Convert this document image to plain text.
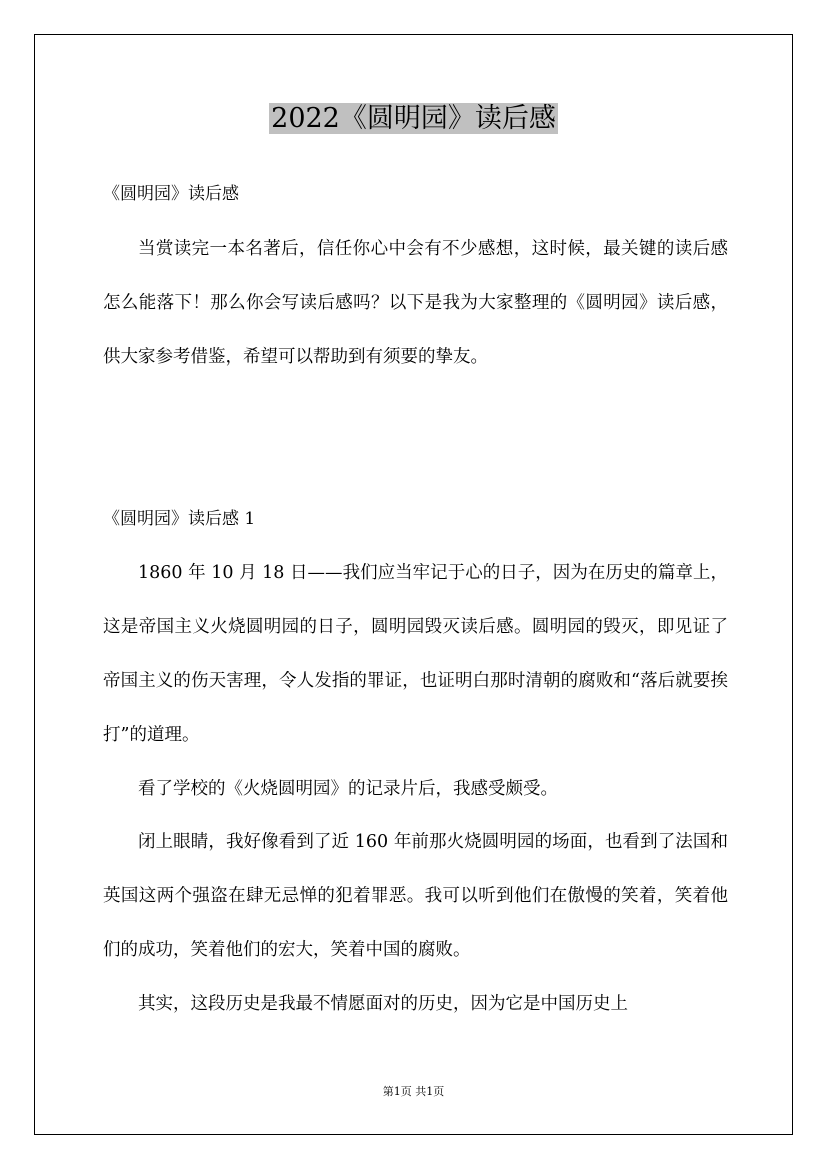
2022《圆明园》读后感
《圆明园》读后感

当赏读完一本名著后，信任你心中会有不少感想，这时候，最关键的读后感怎么能落下！那么你会写读后感吗？以下是我为大家整理的《圆明园》读后感，供大家参考借鉴，希望可以帮助到有须要的挚友。

《圆明园》读后感 1

1860 年 10 月 18 日——我们应当牢记于心的日子，因为在历史的篇章上，这是帝国主义火烧圆明园的日子，圆明园毁灭读后感。圆明园的毁灭，即见证了帝国主义的伤天害理，令人发指的罪证，也证明白那时清朝的腐败和“落后就要挨打”的道理。

看了学校的《火烧圆明园》的记录片后，我感受颇受。

闭上眼睛，我好像看到了近 160 年前那火烧圆明园的场面，也看到了法国和英国这两个强盗在肆无忌惮的犯着罪恶。我可以听到他们在傲慢的笑着，笑着他们的成功，笑着他们的宏大，笑着中国的腐败。

其实，这段历史是我最不情愿面对的历史，因为它是中国历史上

第1页 共1页
